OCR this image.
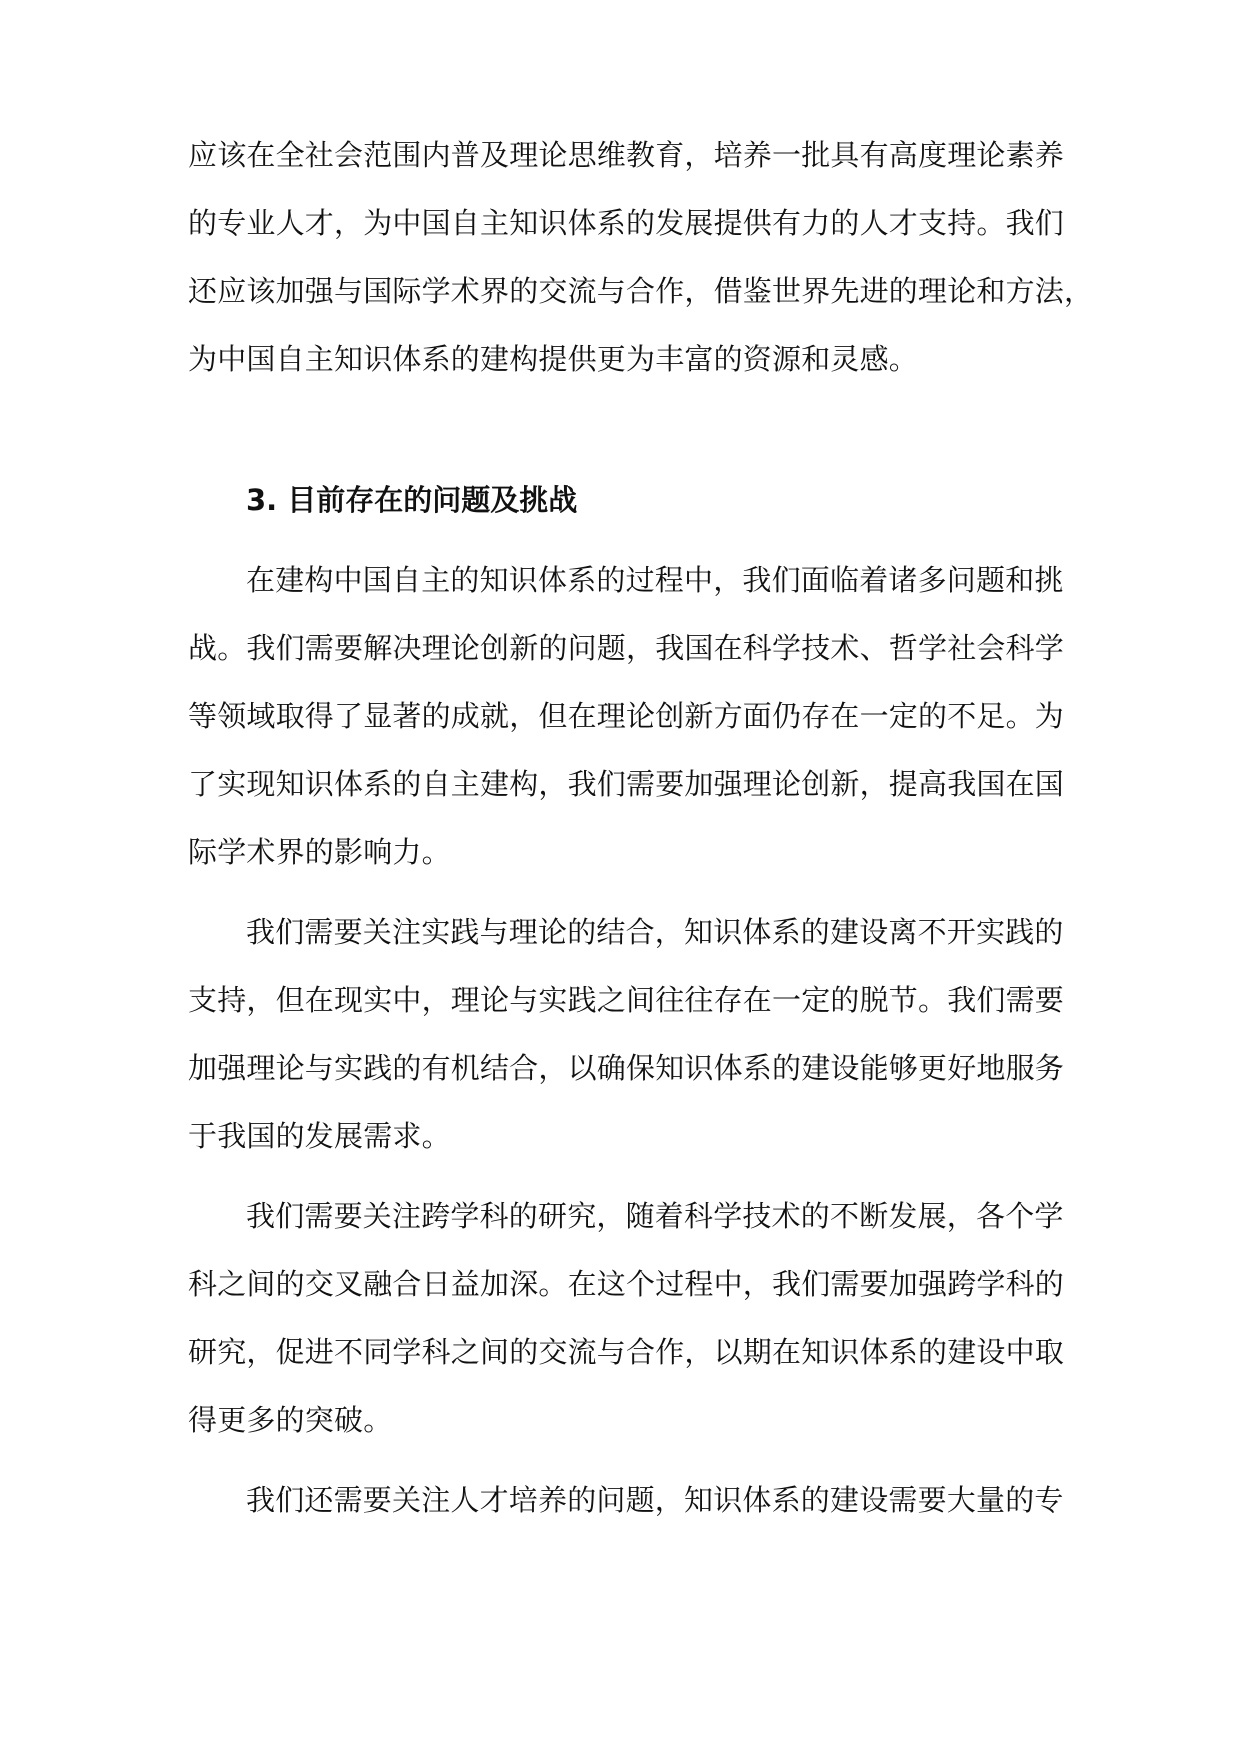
应该在全社会范围内普及理论思维教育，培养一批具有高度理论素养
的专业人才，为中国自主知识体系的发展提供有力的人才支持。我们
还应该加强与国际学术界的交流与合作，借鉴世界先进的理论和方法，
为中国自主知识体系的建构提供更为丰富的资源和灵感。
3. 目前存在的问题及挑战
在建构中国自主的知识体系的过程中，我们面临着诸多问题和挑
战。我们需要解决理论创新的问题，我国在科学技术、哲学社会科学
等领域取得了显著的成就，但在理论创新方面仍存在一定的不足。为
了实现知识体系的自主建构，我们需要加强理论创新，提高我国在国
际学术界的影响力。
我们需要关注实践与理论的结合，知识体系的建设离不开实践的
支持，但在现实中，理论与实践之间往往存在一定的脱节。我们需要
加强理论与实践的有机结合，以确保知识体系的建设能够更好地服务
于我国的发展需求。
我们需要关注跨学科的研究，随着科学技术的不断发展，各个学
科之间的交叉融合日益加深。在这个过程中，我们需要加强跨学科的
研究，促进不同学科之间的交流与合作，以期在知识体系的建设中取
得更多的突破。
我们还需要关注人才培养的问题，知识体系的建设需要大量的专
